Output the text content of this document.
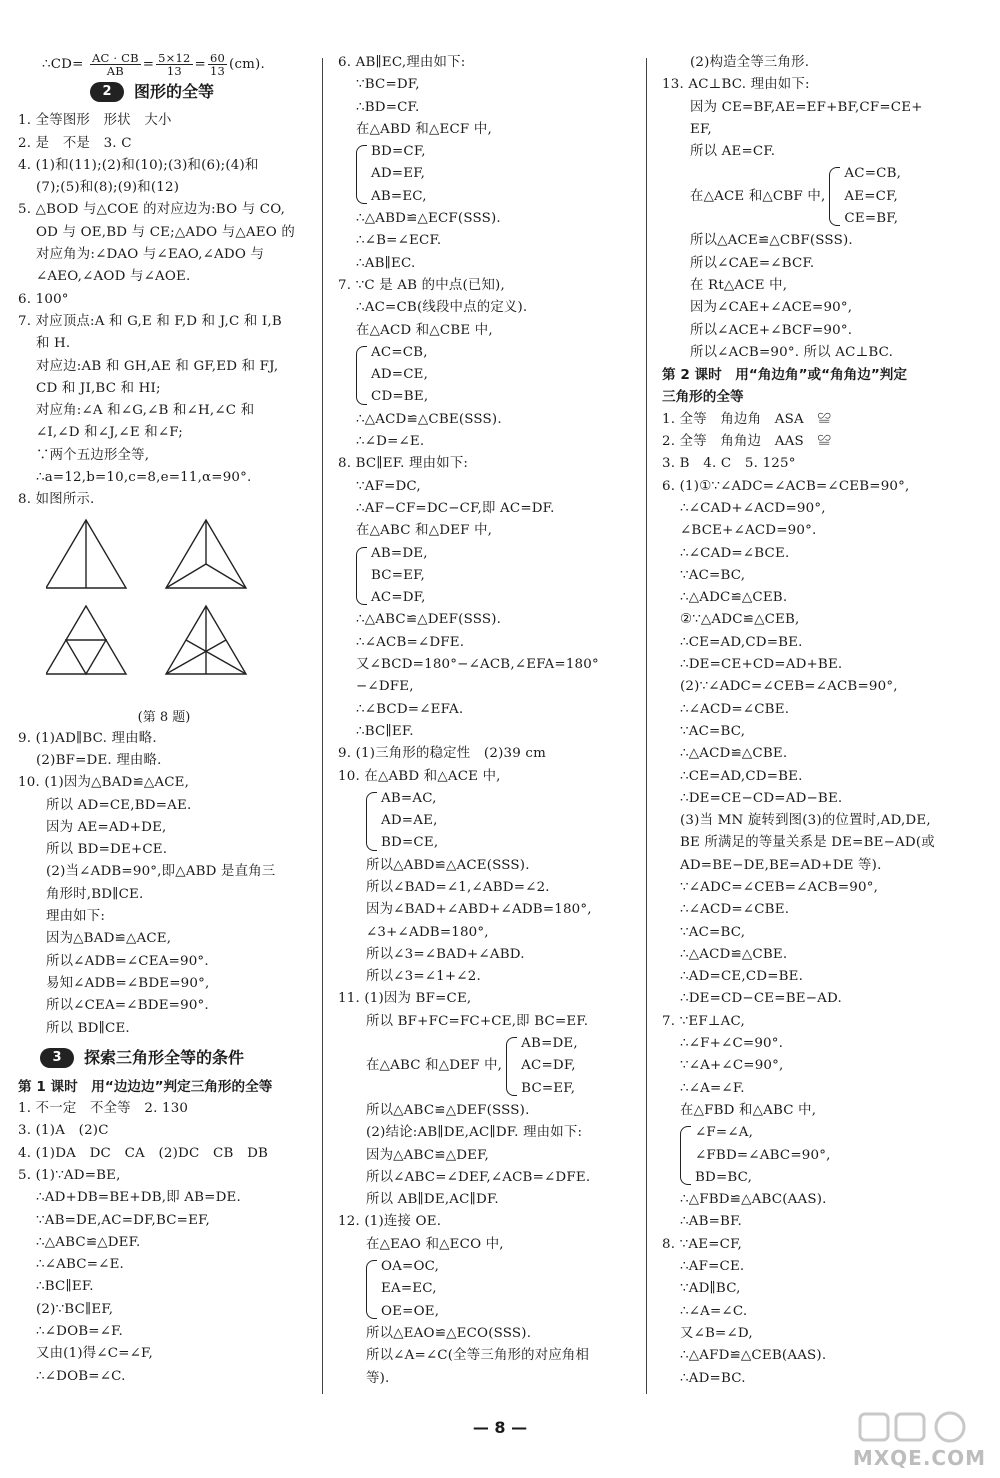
∴CD= $\frac{AC \cdot CB}{AB} = \frac{5\times 12}{13} = \frac{60}{13} (cm)$.
2	图形的全等
1. 全等图形　形状　大小
2. 是　不是　3. C
4. (1)和(11);(2)和(10);(3)和(6);(4)和
(7);(5)和(8);(9)和(12)
5. △BOD 与△COE 的对应边为:BO 与 CO,
OD 与 OE,BD 与 CE;△ADO 与△AEO 的
对应角为:∠DAO 与∠EAO,∠ADO 与
∠AEO,∠AOD 与∠AOE.
6. 100°
7. 对应顶点:A 和 G,E 和 F,D 和 J,C 和 I,B
和 H.
对应边:AB 和 GH,AE 和 GF,ED 和 FJ,
CD 和 JI,BC 和 HI;
对应角:∠A 和∠G,∠B 和∠H,∠C 和
∠I,∠D 和∠J,∠E 和∠F;
∵两个五边形全等,
∴a=12,b=10,c=8,e=11,α=90°.
8. 如图所示.
(第 8 题)
9. (1)AD∥BC. 理由略.
(2)BF=DE. 理由略.
10. (1)因为△BAD≌△ACE,
所以 AD=CE,BD=AE.
因为 AE=AD+DE,
所以 BD=DE+CE.
(2)当∠ADB=90°,即△ABD 是直角三
角形时,BD∥CE.
理由如下:
因为△BAD≌△ACE,
所以∠ADB=∠CEA=90°.
易知∠ADB=∠BDE=90°,
所以∠CEA=∠BDE=90°.
所以 BD∥CE.
3	探索三角形全等的条件
第 1 课时　用“边边边”判定三角形的全等
1. 不一定　不全等　2. 130
3. (1)A　(2)C
4. (1)DA　DC　CA　(2)DC　CB　DB
5. (1)∵AD=BE,
∴AD+DB=BE+DB,即 AB=DE.
∵AB=DE,AC=DF,BC=EF,
∴△ABC≌△DEF.
∴∠ABC=∠E.
∴BC∥EF.
(2)∵BC∥EF,
∴∠DOB=∠F.
又由(1)得∠C=∠F,
∴∠DOB=∠C.
6. AB∥EC,理由如下:
∵BC=DF,
∴BD=CF.
在△ABD 和△ECF 中,
BD=CF,
AD=EF,
AB=EC,
∴△ABD≌△ECF(SSS).
∴∠B=∠ECF.
∴AB∥EC.
7. ∵C 是 AB 的中点(已知),
∴AC=CB(线段中点的定义).
在△ACD 和△CBE 中,
AC=CB,
AD=CE,
CD=BE,
∴△ACD≌△CBE(SSS).
∴∠D=∠E.
8. BC∥EF. 理由如下:
∵AF=DC,
∴AF−CF=DC−CF,即 AC=DF.
在△ABC 和△DEF 中,
AB=DE,
BC=EF,
AC=DF,
∴△ABC≌△DEF(SSS).
∴∠ACB=∠DFE.
又∠BCD=180°−∠ACB,∠EFA=180°
−∠DFE,
∴∠BCD=∠EFA.
∴BC∥EF.
9. (1)三角形的稳定性　(2)39 cm
10. 在△ABD 和△ACE 中,
AB=AC,
AD=AE,
BD=CE,
所以△ABD≌△ACE(SSS).
所以∠BAD=∠1,∠ABD=∠2.
因为∠BAD+∠ABD+∠ADB=180°,
∠3+∠ADB=180°,
所以∠3=∠BAD+∠ABD.
所以∠3=∠1+∠2.
11. (1)因为 BF=CE,
所以 BF+FC=FC+CE,即 BC=EF.
在△ABC 和△DEF 中,
AB=DE,
AC=DF,
BC=EF,
所以△ABC≌△DEF(SSS).
(2)结论:AB∥DE,AC∥DF. 理由如下:
因为△ABC≌△DEF,
所以∠ABC=∠DEF,∠ACB=∠DFE.
所以 AB∥DE,AC∥DF.
12. (1)连接 OE.
在△EAO 和△ECO 中,
OA=OC,
EA=EC,
OE=OE,
所以△EAO≌△ECO(SSS).
所以∠A=∠C(全等三角形的对应角相
等).
(2)构造全等三角形.
13. AC⊥BC. 理由如下:
因为 CE=BF,AE=EF+BF,CF=CE+
EF,
所以 AE=CF.
在△ACE 和△CBF 中,
AC=CB,
AE=CF,
CE=BF,
所以△ACE≌△CBF(SSS).
所以∠CAE=∠BCF.
在 Rt△ACE 中,
因为∠CAE+∠ACE=90°,
所以∠ACE+∠BCF=90°.
所以∠ACB=90°. 所以 AC⊥BC.
第 2 课时　用“角边角”或“角角边”判定
三角形的全等
1. 全等　角边角　ASA　≌
2. 全等　角角边　AAS　≌
3. B　4. C　5. 125°
6. (1)①∵∠ADC=∠ACB=∠CEB=90°,
∴∠CAD+∠ACD=90°,
∠BCE+∠ACD=90°.
∴∠CAD=∠BCE.
∵AC=BC,
∴△ADC≌△CEB.
②∵△ADC≌△CEB,
∴CE=AD,CD=BE.
∴DE=CE+CD=AD+BE.
(2)∵∠ADC=∠CEB=∠ACB=90°,
∴∠ACD=∠CBE.
∵AC=BC,
∴△ACD≌△CBE.
∴CE=AD,CD=BE.
∴DE=CE−CD=AD−BE.
(3)当 MN 旋转到图(3)的位置时,AD,DE,
BE 所满足的等量关系是 DE=BE−AD(或
AD=BE−DE,BE=AD+DE 等).
∵∠ADC=∠CEB=∠ACB=90°,
∴∠ACD=∠CBE.
∵AC=BC,
∴△ACD≌△CBE.
∴AD=CE,CD=BE.
∴DE=CD−CE=BE−AD.
7. ∵EF⊥AC,
∴∠F+∠C=90°.
∵∠A+∠C=90°,
∴∠A=∠F.
在△FBD 和△ABC 中,
∠F=∠A,
∠FBD=∠ABC=90°,
BD=BC,
∴△FBD≌△ABC(AAS).
∴AB=BF.
8. ∵AE=CF,
∴AF=CE.
∵AD∥BC,
∴∠A=∠C.
又∠B=∠D,
∴△AFD≌△CEB(AAS).
∴AD=BC.
— 8 —
MXQE.COM
